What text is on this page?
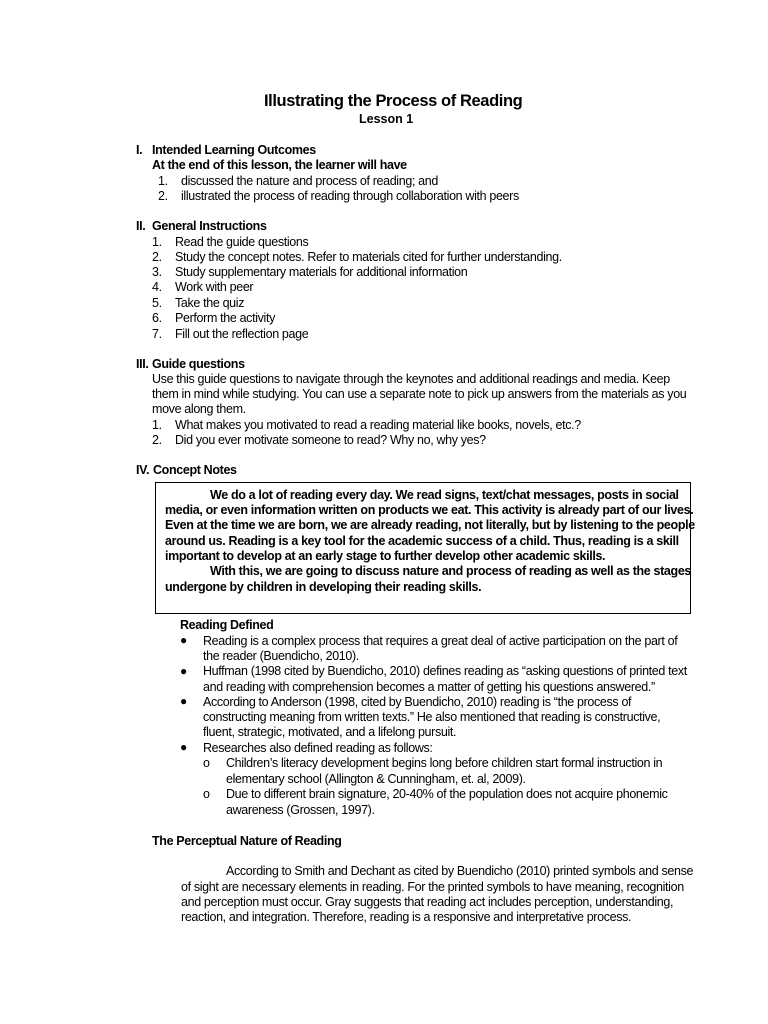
Illustrating the Process of Reading
Lesson 1
I. Intended Learning Outcomes
At the end of this lesson, the learner will have
1. discussed the nature and process of reading; and
2. illustrated the process of reading through collaboration with peers
II. General Instructions
1. Read the guide questions
2. Study the concept notes. Refer to materials cited for further understanding.
3. Study supplementary materials for additional information
4. Work with peer
5. Take the quiz
6. Perform the activity
7. Fill out the reflection page
III. Guide questions
Use this guide questions to navigate through the keynotes and additional readings and media. Keep
them in mind while studying. You can use a separate note to pick up answers from the materials as you
move along them.
1. What makes you motivated to read a reading material like books, novels, etc.?
2. Did you ever motivate someone to read? Why no, why yes?
IV. Concept Notes
We do a lot of reading every day. We read signs, text/chat messages, posts in social
media, or even information written on products we eat. This activity is already part of our lives.
Even at the time we are born, we are already reading, not literally, but by listening to the people
around us. Reading is a key tool for the academic success of a child. Thus, reading is a skill
important to develop at an early stage to further develop other academic skills.
With this, we are going to discuss nature and process of reading as well as the stages
undergone by children in developing their reading skills.
Reading Defined
● Reading is a complex process that requires a great deal of active participation on the part of
the reader (Buendicho, 2010).
● Huffman (1998 cited by Buendicho, 2010) defines reading as “asking questions of printed text
and reading with comprehension becomes a matter of getting his questions answered.”
● According to Anderson (1998, cited by Buendicho, 2010) reading is “the process of
constructing meaning from written texts.” He also mentioned that reading is constructive,
fluent, strategic, motivated, and a lifelong pursuit.
● Researches also defined reading as follows:
o Children’s literacy development begins long before children start formal instruction in
elementary school (Allington & Cunningham, et. al, 2009).
o Due to different brain signature, 20-40% of the population does not acquire phonemic
awareness (Grossen, 1997).
The Perceptual Nature of Reading
According to Smith and Dechant as cited by Buendicho (2010) printed symbols and sense
of sight are necessary elements in reading. For the printed symbols to have meaning, recognition
and perception must occur. Gray suggests that reading act includes perception, understanding,
reaction, and integration. Therefore, reading is a responsive and interpretative process.
